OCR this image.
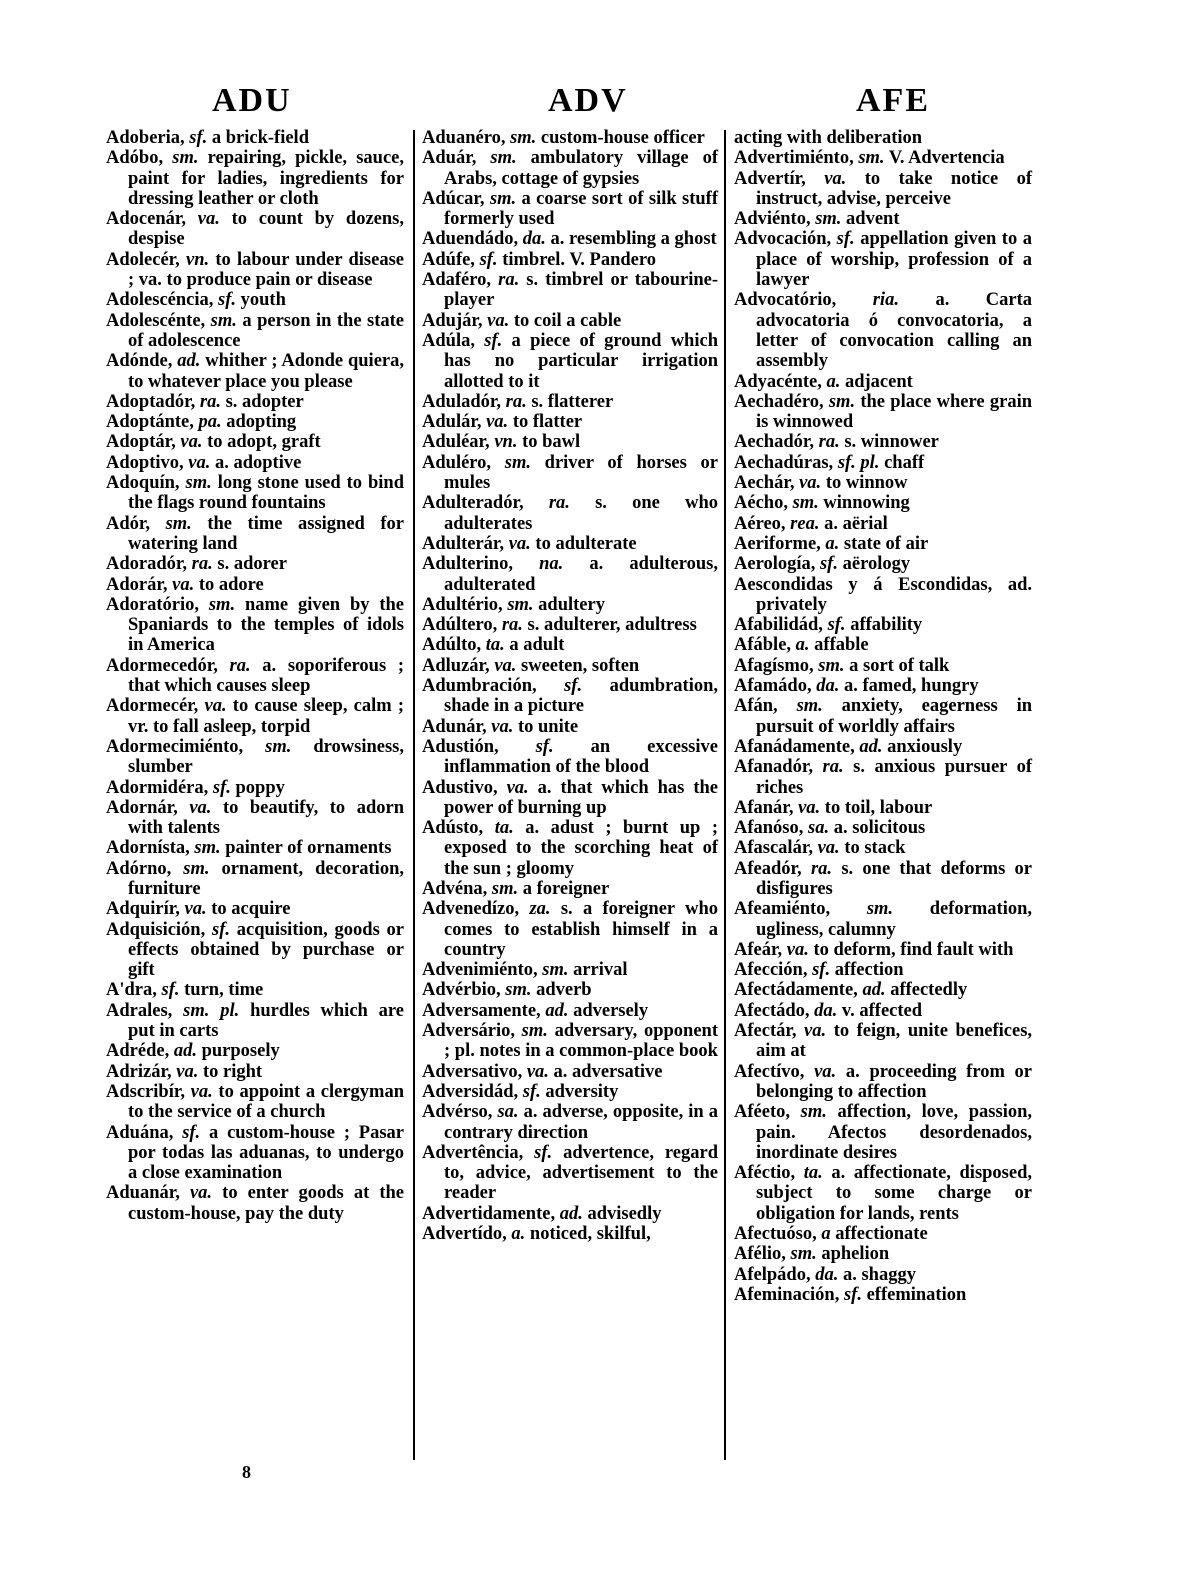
ADU	ADV	AFE

Adoberia, sf. a brick-field

Adóbo, sm. repairing, pickle, sauce, paint for ladies, ingredients for dressing leather or cloth

Adocenár, va. to count by dozens, despise

Adolecér, vn. to labour under disease ; va. to produce pain or disease

Adolescéncia, sf. youth

Adolescénte, sm. a person in the state of adolescence

Adónde, ad. whither ; Adonde quiera, to whatever place you please

Adoptadór, ra. s. adopter

Adoptánte, pa. adopting

Adoptár, va. to adopt, graft

Adoptivo, va. a. adoptive

Adoquín, sm. long stone used to bind the flags round fountains

Adór, sm. the time assigned for watering land

Adoradór, ra. s. adorer

Adorár, va. to adore

Adoratório, sm. name given by the Spaniards to the temples of idols in America

Adormecedór, ra. a. soporiferous ; that which causes sleep

Adormecér, va. to cause sleep, calm ; vr. to fall asleep, torpid

Adormecimiénto, sm. drowsiness, slumber

Adormidéra, sf. poppy

Adornár, va. to beautify, to adorn with talents

Adornísta, sm. painter of ornaments

Adórno, sm. ornament, decoration, furniture

Adquirír, va. to acquire

Adquisición, sf. acquisition, goods or effects obtained by purchase or gift

A'dra, sf. turn, time

Adrales, sm. pl. hurdles which are put in carts

Adréde, ad. purposely

Adrizár, va. to right

Adscribír, va. to appoint a clergyman to the service of a church

Aduána, sf. a custom-house ; Pasar por todas las aduanas, to undergo a close examination

Aduanár, va. to enter goods at the custom-house, pay the duty

Aduanéro, sm. custom-house officer

Aduár, sm. ambulatory village of Arabs, cottage of gypsies

Adúcar, sm. a coarse sort of silk stuff formerly used

Aduendádo, da. a. resembling a ghost

Adúfe, sf. timbrel. V. Pandero

Adaféro, ra. s. timbrel or tabourine-player

Adujár, va. to coil a cable

Adúla, sf. a piece of ground which has no particular irrigation allotted to it

Aduladór, ra. s. flatterer

Adulár, va. to flatter

Aduléar, vn. to bawl

Aduléro, sm. driver of horses or mules

Adulteradór, ra. s. one who adulterates

Adulterár, va. to adulterate

Adulterino, na. a. adulterous, adulterated

Adultério, sm. adultery

Adúltero, ra. s. adulterer, adultress

Adúlto, ta. a adult

Adluzár, va. sweeten, soften

Adumbración, sf. adumbration, shade in a picture

Adunár, va. to unite

Adustión, sf. an excessive inflammation of the blood

Adustivo, va. a. that which has the power of burning up

Adústo, ta. a. adust ; burnt up ; exposed to the scorching heat of the sun ; gloomy

Advéna, sm. a foreigner

Advenedízo, za. s. a foreigner who comes to establish himself in a country

Advenimiénto, sm. arrival

Advérbio, sm. adverb

Adversamente, ad. adversely

Adversário, sm. adversary, opponent ; pl. notes in a common-place book

Adversativo, va. a. adversative

Adversidád, sf. adversity

Advérso, sa. a. adverse, opposite, in a contrary direction

Advertência, sf. advertence, regard to, advice, advertisement to the reader

Advertidamente, ad. advisedly

Advertído, a. noticed, skilful,

acting with deliberation

Advertimiénto, sm. V. Advertencia

Advertír, va. to take notice of instruct, advise, perceive

Adviénto, sm. advent

Advocación, sf. appellation given to a place of worship, profession of a lawyer

Advocatório, ria. a. Carta advocatoria ó convocatoria, a letter of convocation calling an assembly

Adyacénte, a. adjacent

Aechadéro, sm. the place where grain is winnowed

Aechadór, ra. s. winnower

Aechadúras, sf. pl. chaff

Aechár, va. to winnow

Aécho, sm. winnowing

Aéreo, rea. a. aërial

Aeriforme, a. state of air

Aerología, sf. aërology

Aescondidas y á Escondidas, ad. privately

Afabilidád, sf. affability

Afáble, a. affable

Afagísmo, sm. a sort of talk

Afamádo, da. a. famed, hungry

Afán, sm. anxiety, eagerness in pursuit of worldly affairs

Afanádamente, ad. anxiously

Afanadór, ra. s. anxious pursuer of riches

Afanár, va. to toil, labour

Afanóso, sa. a. solicitous

Afascalár, va. to stack

Afeadór, ra. s. one that deforms or disfigures

Afeamiénto, sm. deformation, ugliness, calumny

Afeár, va. to deform, find fault with

Afección, sf. affection

Afectádamente, ad. affectedly

Afectádo, da. v. affected

Afectár, va. to feign, unite benefices, aim at

Afectívo, va. a. proceeding from or belonging to affection

Aféeto, sm. affection, love, passion, pain. Afectos desordenados, inordinate desires

Aféctio, ta. a. affectionate, disposed, subject to some charge or obligation for lands, rents

Afectuóso, a affectionate

Afélio, sm. aphelion

Afelpádo, da. a. shaggy

Afeminación, sf. effemination

8
